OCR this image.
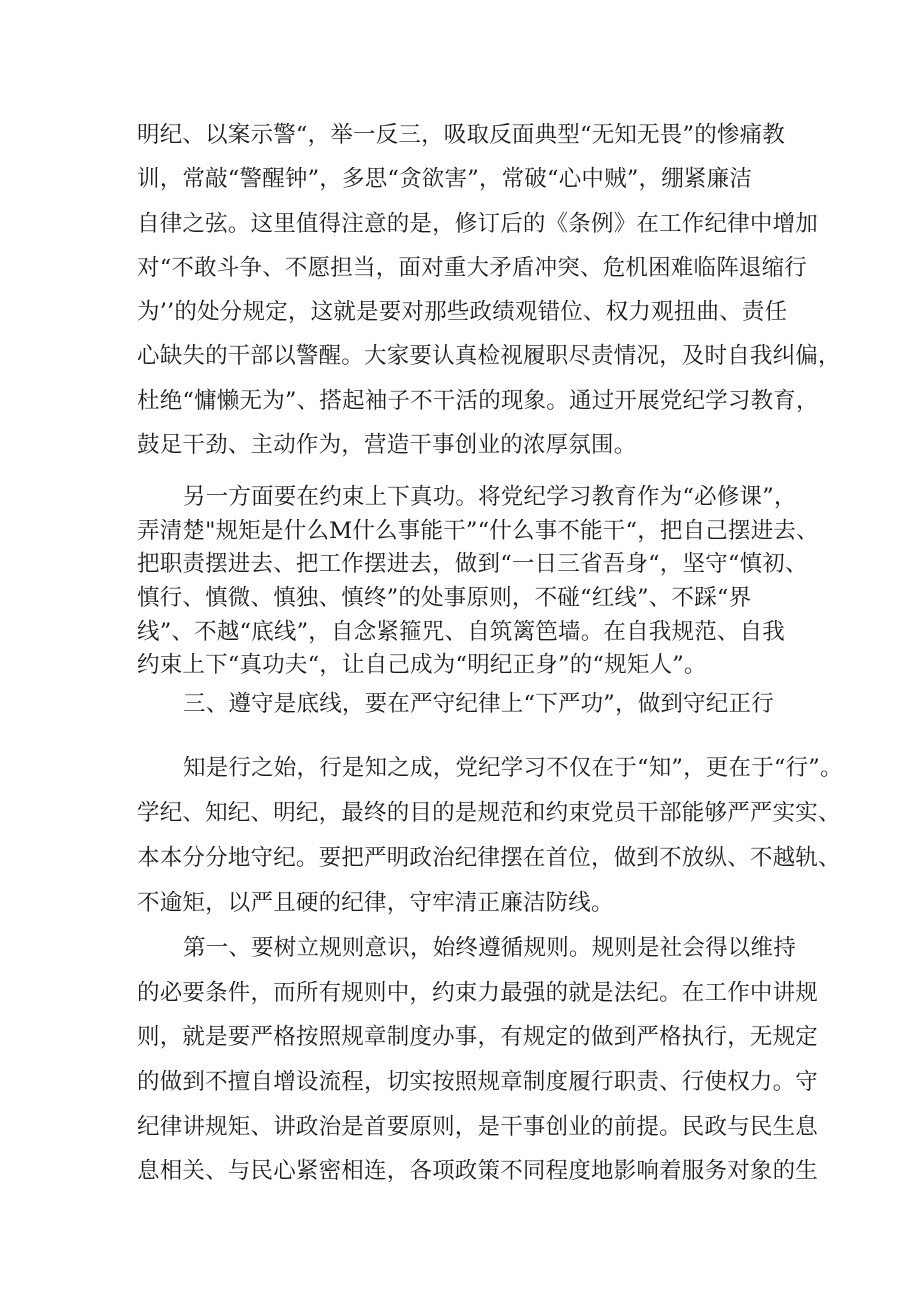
明纪、以案示警“，举一反三，吸取反面典型“无知无畏”的惨痛教
训，常敲“警醒钟”，多思“贪欲害”，常破“心中贼”，绷紧廉洁
自律之弦。这里值得注意的是，修订后的《条例》在工作纪律中增加
对“不敢斗争、不愿担当，面对重大矛盾冲突、危机困难临阵退缩行
为’’的处分规定，这就是要对那些政绩观错位、权力观扭曲、责任
心缺失的干部以警醒。大家要认真检视履职尽责情况，及时自我纠偏，
杜绝“慵懒无为”、搭起袖子不干活的现象。通过开展党纪学习教育，
鼓足干劲、主动作为，营造干事创业的浓厚氛围。
另一方面要在约束上下真功。将党纪学习教育作为“必修课”，
弄清楚"规矩是什么M什么事能干”“什么事不能干“，把自己摆进去、
把职责摆进去、把工作摆进去，做到“一日三省吾身“，坚守“慎初、
慎行、慎微、慎独、慎终”的处事原则，不碰“红线”、不踩“界
线”、不越“底线”，自念紧箍咒、自筑篱笆墙。在自我规范、自我
约束上下“真功夫“，让自己成为“明纪正身”的“规矩人”。
三、遵守是底线，要在严守纪律上“下严功”，做到守纪正行
知是行之始，行是知之成，党纪学习不仅在于“知”，更在于“行”。
学纪、知纪、明纪，最终的目的是规范和约束党员干部能够严严实实、
本本分分地守纪。要把严明政治纪律摆在首位，做到不放纵、不越轨、
不逾矩，以严且硬的纪律，守牢清正廉洁防线。
第一、要树立规则意识，始终遵循规则。规则是社会得以维持
的必要条件，而所有规则中，约束力最强的就是法纪。在工作中讲规
则，就是要严格按照规章制度办事，有规定的做到严格执行，无规定
的做到不擅自增设流程，切实按照规章制度履行职责、行使权力。守
纪律讲规矩、讲政治是首要原则，是干事创业的前提。民政与民生息
息相关、与民心紧密相连，各项政策不同程度地影响着服务对象的生
